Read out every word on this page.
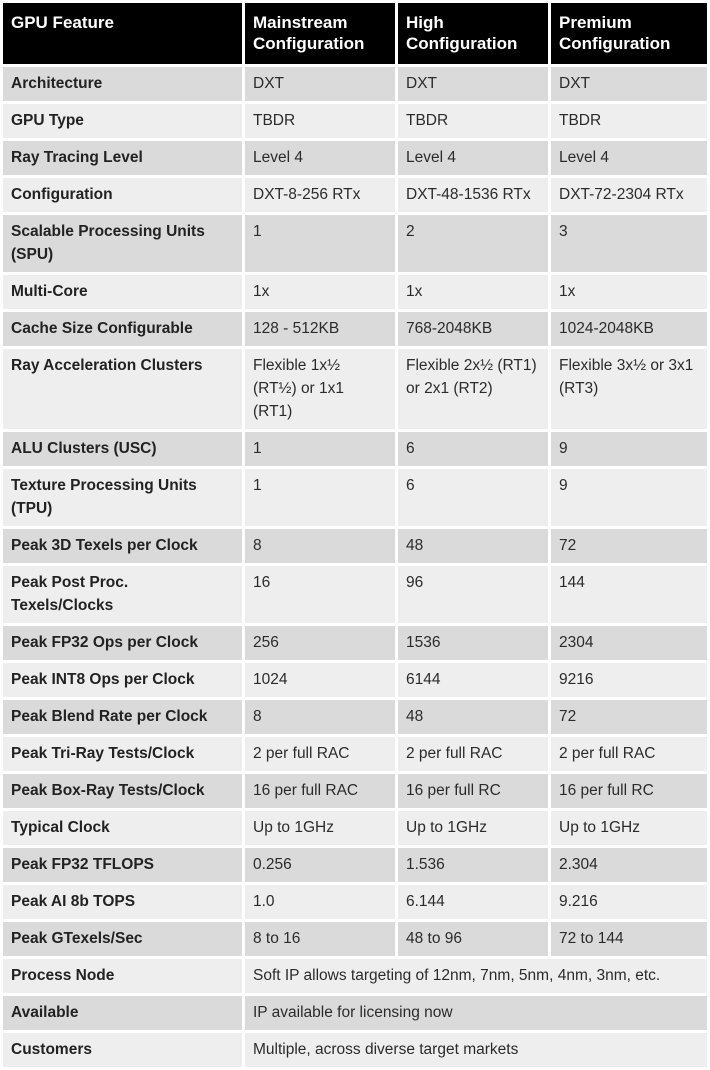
GPU Feature	Mainstream Configuration	High Configuration	Premium Configuration
Architecture	DXT	DXT	DXT
GPU Type	TBDR	TBDR	TBDR
Ray Tracing Level	Level 4	Level 4	Level 4
Configuration	DXT-8-256 RTx	DXT-48-1536 RTx	DXT-72-2304 RTx
Scalable Processing Units (SPU)	1	2	3
Multi-Core	1x	1x	1x
Cache Size Configurable	128 - 512KB	768-2048KB	1024-2048KB
Ray Acceleration Clusters	Flexible 1x½ (RT½) or 1x1 (RT1)	Flexible 2x½ (RT1) or 2x1 (RT2)	Flexible 3x½ or 3x1 (RT3)
ALU Clusters (USC)	1	6	9
Texture Processing Units (TPU)	1	6	9
Peak 3D Texels per Clock	8	48	72
Peak Post Proc. Texels/Clocks	16	96	144
Peak FP32 Ops per Clock	256	1536	2304
Peak INT8 Ops per Clock	1024	6144	9216
Peak Blend Rate per Clock	8	48	72
Peak Tri-Ray Tests/Clock	2 per full RAC	2 per full RAC	2 per full RAC
Peak Box-Ray Tests/Clock	16 per full RAC	16 per full RC	16 per full RC
Typical Clock	Up to 1GHz	Up to 1GHz	Up to 1GHz
Peak FP32 TFLOPS	0.256	1.536	2.304
Peak AI 8b TOPS	1.0	6.144	9.216
Peak GTexels/Sec	8 to 16	48 to 96	72 to 144
Process Node	Soft IP allows targeting of 12nm, 7nm, 5nm, 4nm, 3nm, etc.		
Available	IP available for licensing now		
Customers	Multiple, across diverse target markets		
